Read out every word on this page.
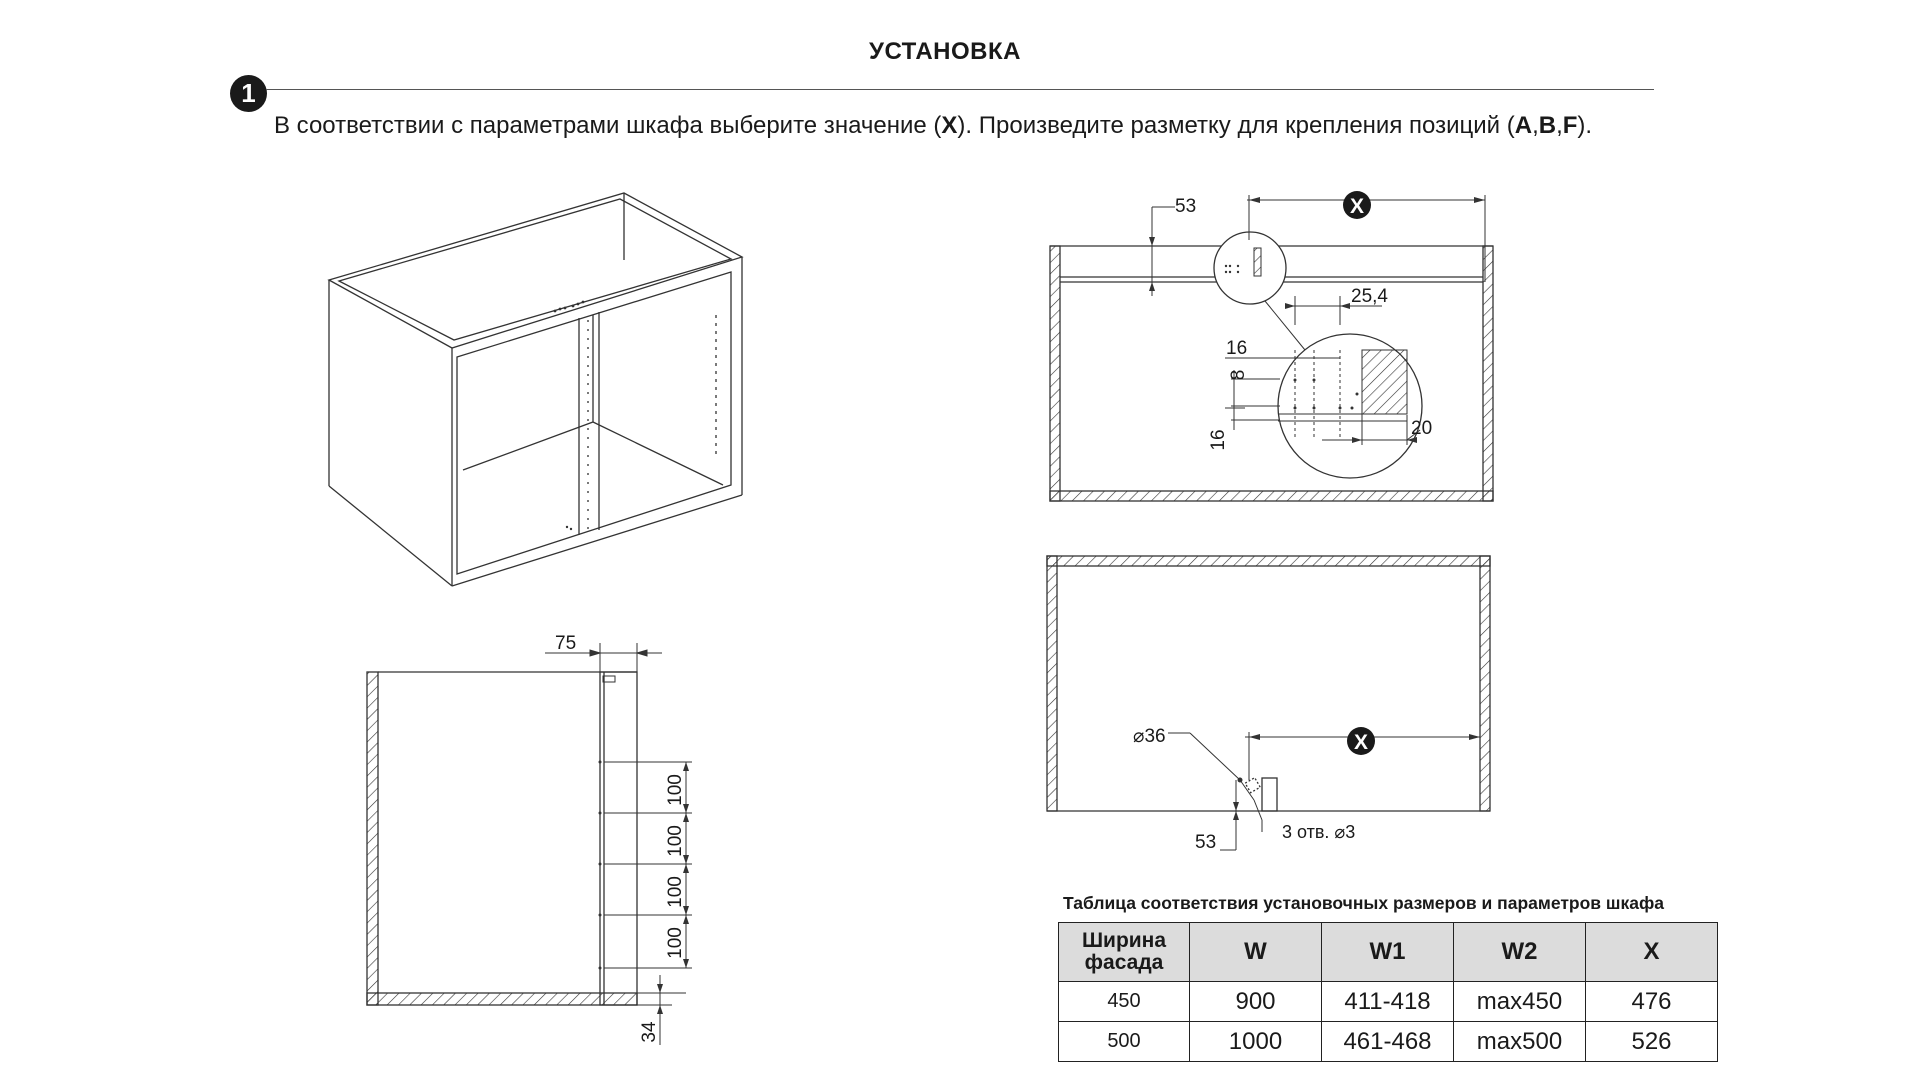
УСТАНОВКА
1
В соответствии с параметрами шкафа выберите значение (X). Произведите разметку для крепления позиций (A,B,F).
75
100
100
100
100
34
X
53
25,4
16
8
16
20
X
⌀36
53	3 отв. ⌀3
Таблица соответствия установочных размеров и параметров шкафа
Ширина фасада	W	W1	W2	X
450	900	411-418	max450	476
500	1000	461-468	max500	526
